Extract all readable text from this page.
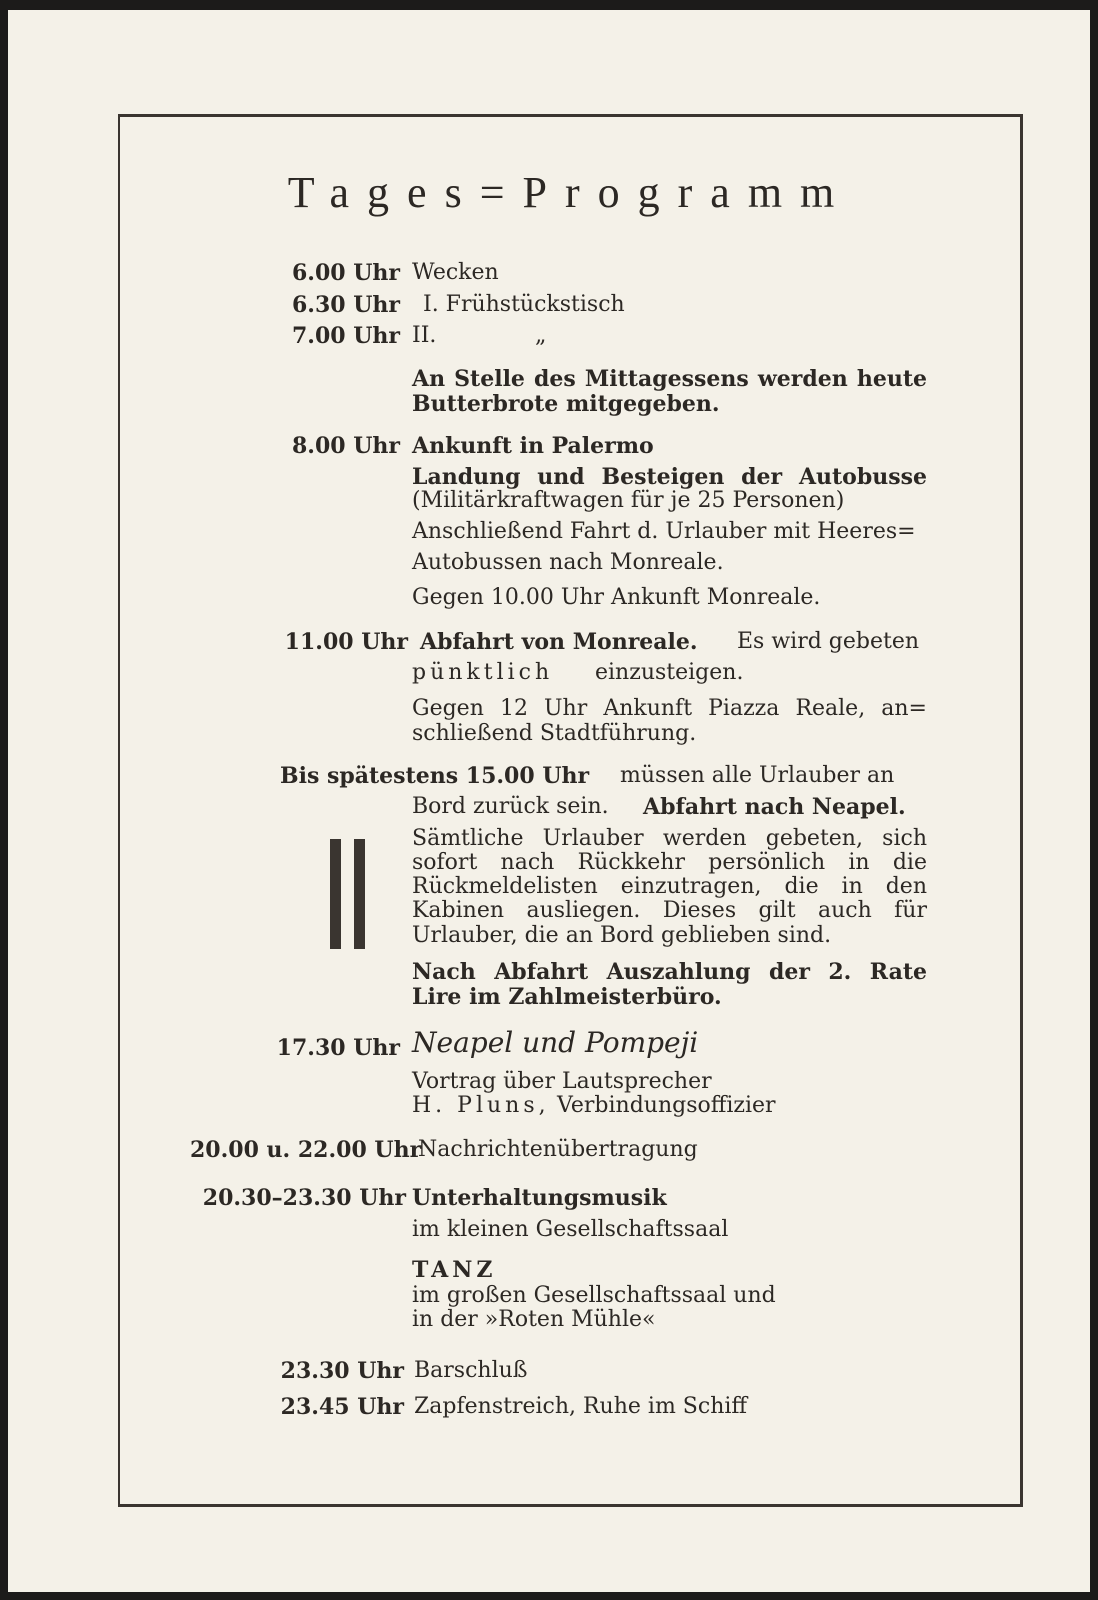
Tages=Programm
6.00 Uhr Wecken
6.30 Uhr I. Frühstückstisch
7.00 Uhr II.	„
An Stelle des Mittagessens werden heute
Butterbrote mitgegeben.
8.00 Uhr Ankunft in Palermo
Landung und Besteigen der Autobusse
(Militärkraftwagen für je 25 Personen)
Anschließend Fahrt d. Urlauber mit Heeres=
Autobussen nach Monreale.
Gegen 10.00 Uhr Ankunft Monreale.
11.00 Uhr Abfahrt von Monreale. Es wird gebeten
pünktlich einzusteigen.
Gegen 12 Uhr Ankunft Piazza Reale, an=
schließend Stadtführung.
Bis spätestens 15.00 Uhr müssen alle Urlauber an
Bord zurück sein. Abfahrt nach Neapel.
Sämtliche Urlauber werden gebeten, sich
sofort nach Rückkehr persönlich in die
Rückmeldelisten einzutragen, die in den
Kabinen ausliegen. Dieses gilt auch für
Urlauber, die an Bord geblieben sind.
Nach Abfahrt Auszahlung der 2. Rate
Lire im Zahlmeisterbüro.
17.30 Uhr Neapel und Pompeji
Vortrag über Lautsprecher
H. Pluns, Verbindungsoffizier
20.00 u. 22.00 Uhr
Nachrichtenübertragung
20.30–23.30 Uhr Unterhaltungsmusik
im kleinen Gesellschaftssaal
TANZ
im großen Gesellschaftssaal und
in der »Roten Mühle«
23.30 Uhr Barschluß
23.45 Uhr Zapfenstreich, Ruhe im Schiff
